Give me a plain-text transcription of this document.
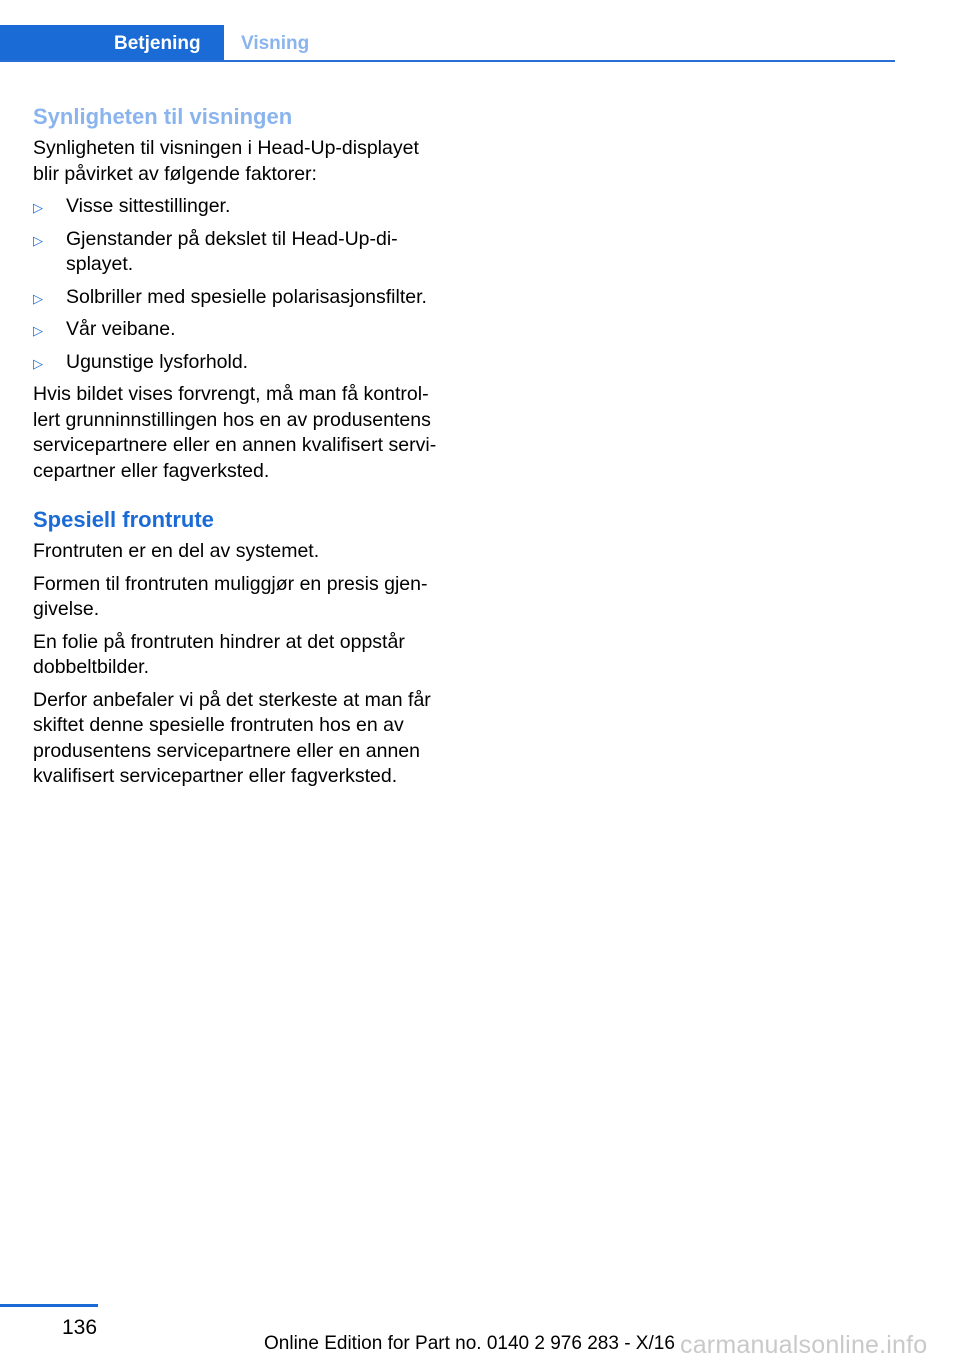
Betjening	Visning
Synligheten til visningen

Synligheten til visningen i Head-Up-displayet blir påvirket av følgende faktorer:

▷	Visse sittestillinger.
▷	Gjenstander på dekslet til Head-Up-displayet.
▷	Solbriller med spesielle polarisasjonsfilter.
▷	Vår veibane.
▷	Ugunstige lysforhold.

Hvis bildet vises forvrengt, må man få kontrollert grunninnstillingen hos en av produsentens servicepartnere eller en annen kvalifisert servicepartner eller fagverksted.

Spesiell frontrute

Frontruten er en del av systemet.

Formen til frontruten muliggjør en presis gjengivelse.

En folie på frontruten hindrer at det oppstår dobbeltbilder.

Derfor anbefaler vi på det sterkeste at man får skiftet denne spesielle frontruten hos en av produsentens servicepartnere eller en annen kvalifisert servicepartner eller fagverksted.

136
Online Edition for Part no. 0140 2 976 283 - X/16 carmanualsonline.info
